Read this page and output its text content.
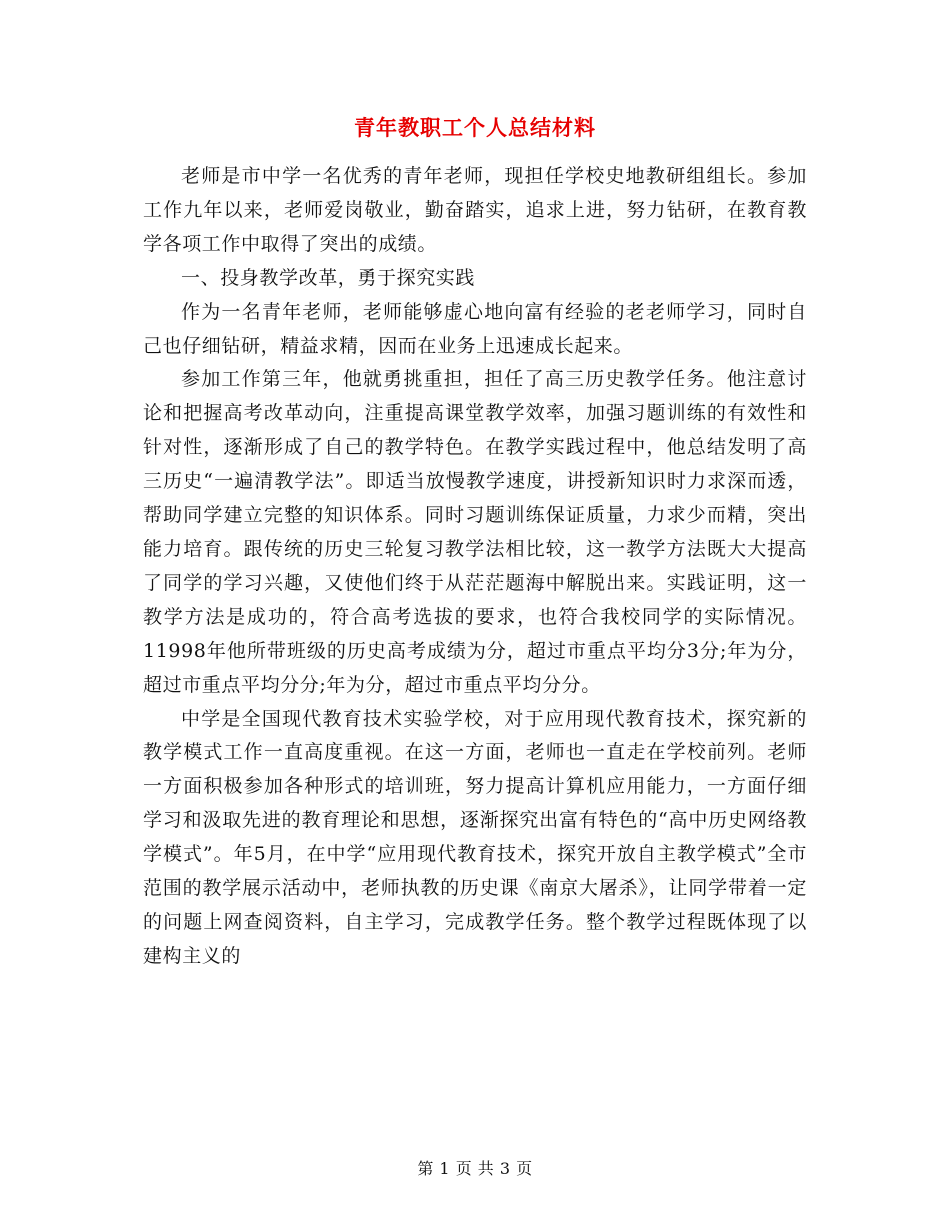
青年教职工个人总结材料

老师是市中学一名优秀的青年老师，现担任学校史地教研组组长。参加工作九年以来，老师爱岗敬业，勤奋踏实，追求上进，努力钻研，在教育教学各项工作中取得了突出的成绩。

一、投身教学改革，勇于探究实践

作为一名青年老师，老师能够虚心地向富有经验的老老师学习，同时自己也仔细钻研，精益求精，因而在业务上迅速成长起来。

参加工作第三年，他就勇挑重担，担任了高三历史教学任务。他注意讨论和把握高考改革动向，注重提高课堂教学效率，加强习题训练的有效性和针对性，逐渐形成了自己的教学特色。在教学实践过程中，他总结发明了高三历史“一遍清教学法”。即适当放慢教学速度，讲授新知识时力求深而透，帮助同学建立完整的知识体系。同时习题训练保证质量，力求少而精，突出能力培育。跟传统的历史三轮复习教学法相比较，这一教学方法既大大提高了同学的学习兴趣，又使他们终于从茫茫题海中解脱出来。实践证明，这一教学方法是成功的，符合高考选拔的要求，也符合我校同学的实际情况。11998年他所带班级的历史高考成绩为分，超过市重点平均分3分;年为分，超过市重点平均分分;年为分，超过市重点平均分分。

中学是全国现代教育技术实验学校，对于应用现代教育技术，探究新的教学模式工作一直高度重视。在这一方面，老师也一直走在学校前列。老师一方面积极参加各种形式的培训班，努力提高计算机应用能力，一方面仔细学习和汲取先进的教育理论和思想，逐渐探究出富有特色的“高中历史网络教学模式”。年5月，在中学“应用现代教育技术，探究开放自主教学模式”全市范围的教学展示活动中，老师执教的历史课《南京大屠杀》，让同学带着一定的问题上网查阅资料，自主学习，完成教学任务。整个教学过程既体现了以建构主义的

第 1 页 共 3 页
